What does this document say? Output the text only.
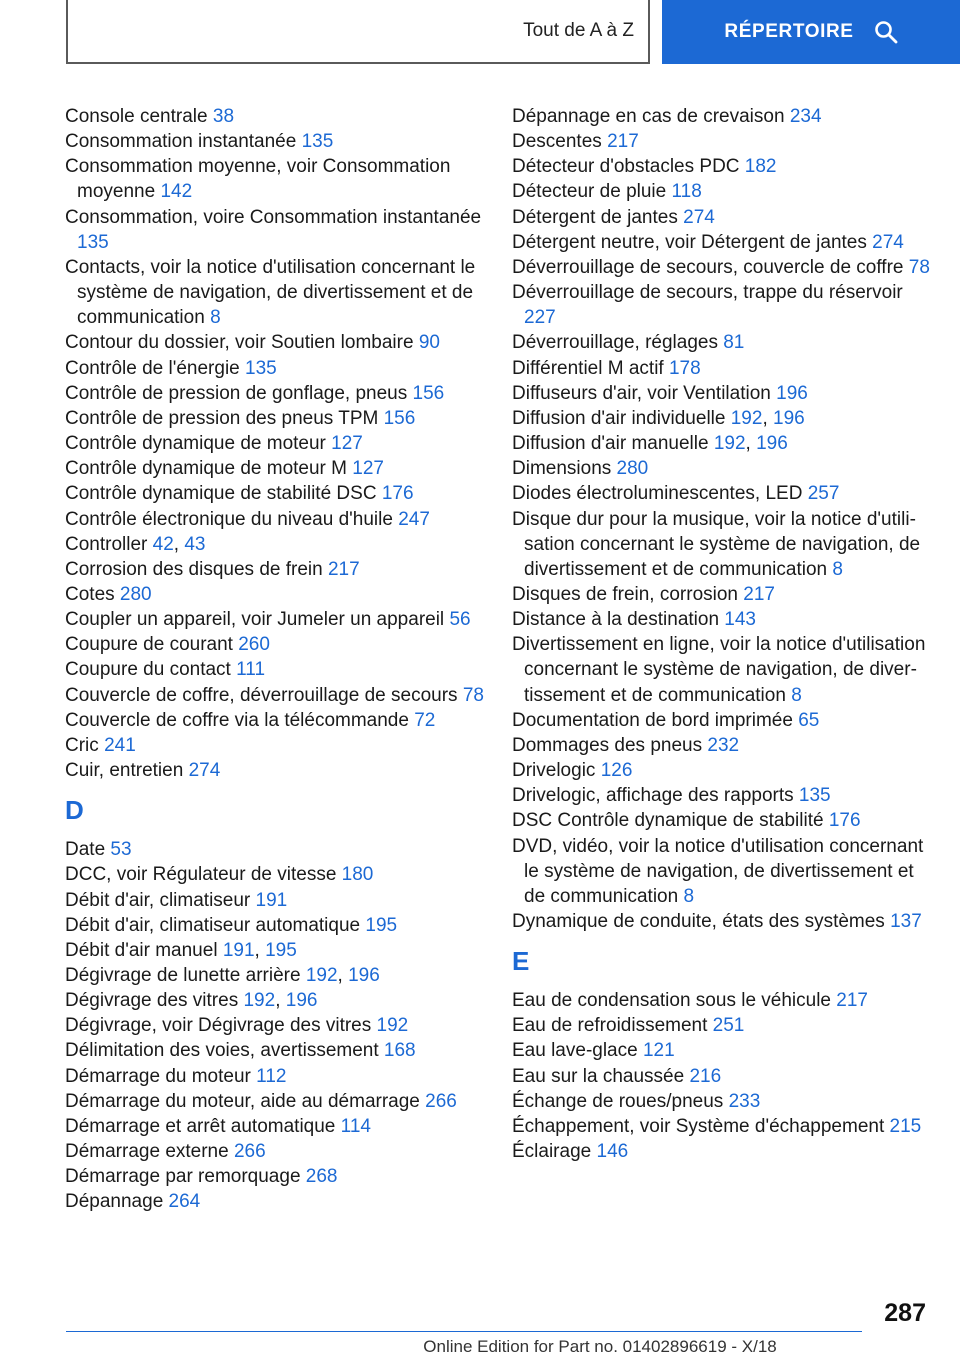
Tout de A à Z	RÉPERTOIRE
Console centrale 38
Consommation instantanée 135
Consommation moyenne, voir Consommation moyenne 142
Consommation, voire Consommation instantanée 135
Contacts, voir la notice d'utilisation concernant le système de navigation, de divertissement et de communication 8
Contour du dossier, voir Soutien lombaire 90
Contrôle de l'énergie 135
Contrôle de pression de gonflage, pneus 156
Contrôle de pression des pneus TPM 156
Contrôle dynamique de moteur 127
Contrôle dynamique de moteur M 127
Contrôle dynamique de stabilité DSC 176
Contrôle électronique du niveau d'huile 247
Controller 42, 43
Corrosion des disques de frein 217
Cotes 280
Coupler un appareil, voir Jumeler un appareil 56
Coupure de courant 260
Coupure du contact 111
Couvercle de coffre, déverrouillage de secours 78
Couvercle de coffre via la télécommande 72
Cric 241
Cuir, entretien 274
D
Date 53
DCC, voir Régulateur de vitesse 180
Débit d'air, climatiseur 191
Débit d'air, climatiseur automatique 195
Débit d'air manuel 191, 195
Dégivrage de lunette arrière 192, 196
Dégivrage des vitres 192, 196
Dégivrage, voir Dégivrage des vitres 192
Délimitation des voies, avertissement 168
Démarrage du moteur 112
Démarrage du moteur, aide au démarrage 266
Démarrage et arrêt automatique 114
Démarrage externe 266
Démarrage par remorquage 268
Dépannage 264
Dépannage en cas de crevaison 234
Descentes 217
Détecteur d'obstacles PDC 182
Détecteur de pluie 118
Détergent de jantes 274
Détergent neutre, voir Détergent de jantes 274
Déverrouillage de secours, couvercle de coffre 78
Déverrouillage de secours, trappe du réservoir 227
Déverrouillage, réglages 81
Différentiel M actif 178
Diffuseurs d'air, voir Ventilation 196
Diffusion d'air individuelle 192, 196
Diffusion d'air manuelle 192, 196
Dimensions 280
Diodes électroluminescentes, LED 257
Disque dur pour la musique, voir la notice d'utilisation concernant le système de navigation, de divertissement et de communication 8
Disques de frein, corrosion 217
Distance à la destination 143
Divertissement en ligne, voir la notice d'utilisation concernant le système de navigation, de divertissement et de communication 8
Documentation de bord imprimée 65
Dommages des pneus 232
Drivelogic 126
Drivelogic, affichage des rapports 135
DSC Contrôle dynamique de stabilité 176
DVD, vidéo, voir la notice d'utilisation concernant le système de navigation, de divertissement et de communication 8
Dynamique de conduite, états des systèmes 137
E
Eau de condensation sous le véhicule 217
Eau de refroidissement 251
Eau lave-glace 121
Eau sur la chaussée 216
Échange de roues/pneus 233
Échappement, voir Système d'échappement 215
Éclairage 146
287
Online Edition for Part no. 01402896619 - X/18
